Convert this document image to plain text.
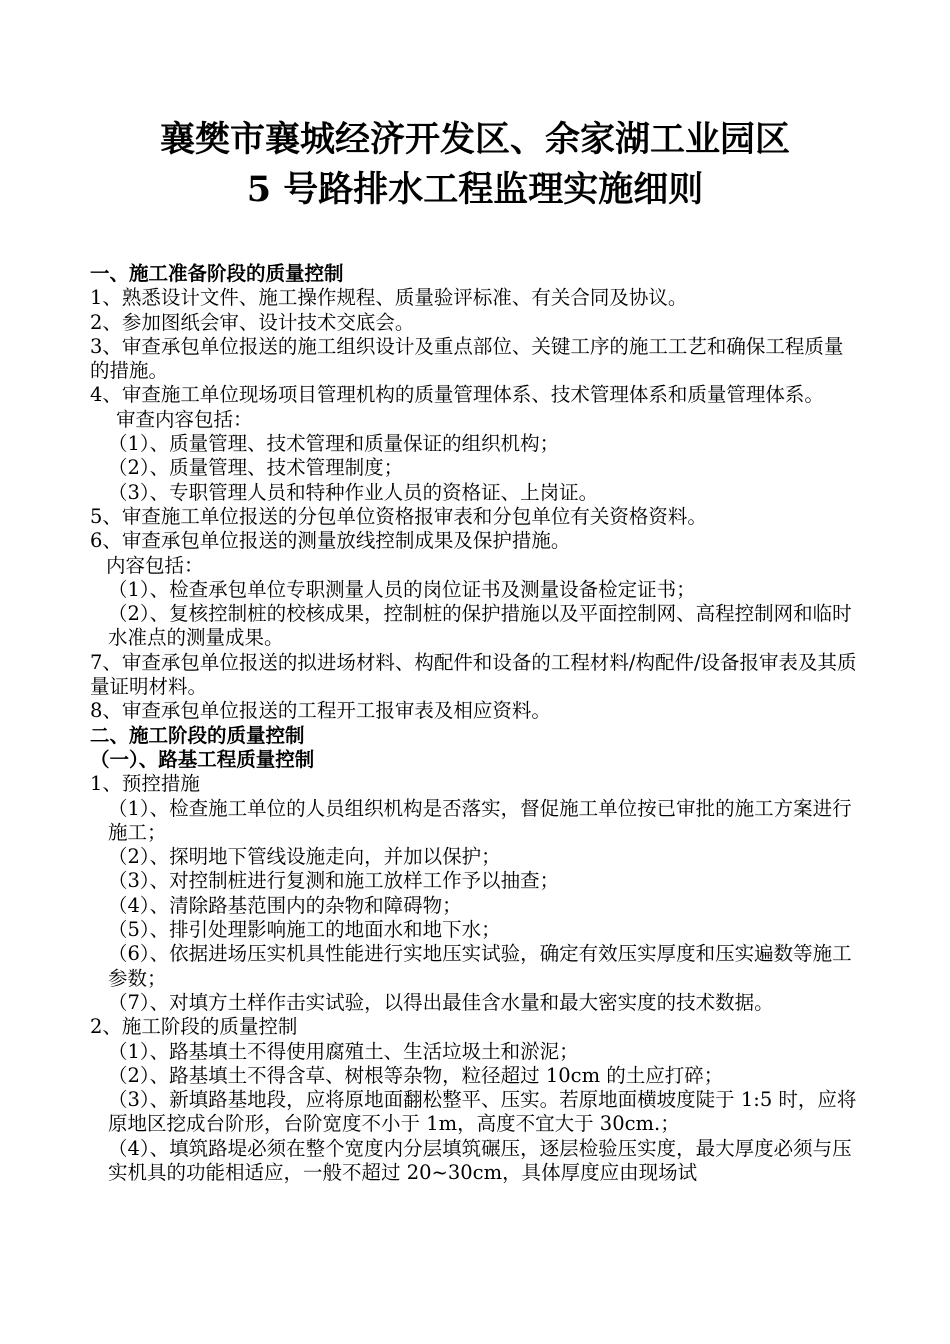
襄樊市襄城经济开发区、余家湖工业园区
5 号路排水工程监理实施细则

一、施工准备阶段的质量控制

1、熟悉设计文件、施工操作规程、质量验评标准、有关合同及协议。

2、参加图纸会审、设计技术交底会。

3、审查承包单位报送的施工组织设计及重点部位、关键工序的施工工艺和确保工程质量的措施。

4、审查施工单位现场项目管理机构的质量管理体系、技术管理体系和质量管理体系。

审查内容包括：

（1）、质量管理、技术管理和质量保证的组织机构；

（2）、质量管理、技术管理制度；

（3）、专职管理人员和特种作业人员的资格证、上岗证。

5、审查施工单位报送的分包单位资格报审表和分包单位有关资格资料。

6、审查承包单位报送的测量放线控制成果及保护措施。

内容包括：

（1）、检查承包单位专职测量人员的岗位证书及测量设备检定证书；

（2）、复核控制桩的校核成果，控制桩的保护措施以及平面控制网、高程控制网和临时水准点的测量成果。

7、审查承包单位报送的拟进场材料、构配件和设备的工程材料/构配件/设备报审表及其质量证明材料。

8、审查承包单位报送的工程开工报审表及相应资料。

二、施工阶段的质量控制

（一）、路基工程质量控制

1、预控措施

（1）、检查施工单位的人员组织机构是否落实，督促施工单位按已审批的施工方案进行施工；

（2）、探明地下管线设施走向，并加以保护；

（3）、对控制桩进行复测和施工放样工作予以抽查；

（4）、清除路基范围内的杂物和障碍物；

（5）、排引处理影响施工的地面水和地下水；

（6）、依据进场压实机具性能进行实地压实试验，确定有效压实厚度和压实遍数等施工参数；

（7）、对填方土样作击实试验，以得出最佳含水量和最大密实度的技术数据。

2、施工阶段的质量控制

（1）、路基填土不得使用腐殖土、生活垃圾土和淤泥；

（2）、路基填土不得含草、树根等杂物，粒径超过 10cm 的土应打碎；

（3）、新填路基地段，应将原地面翻松整平、压实。若原地面横坡度陡于 1:5 时，应将原地区挖成台阶形，台阶宽度不小于 1m，高度不宜大于 30cm.；

（4）、填筑路堤必须在整个宽度内分层填筑碾压，逐层检验压实度，最大厚度必须与压实机具的功能相适应，一般不超过 20~30cm，具体厚度应由现场试
